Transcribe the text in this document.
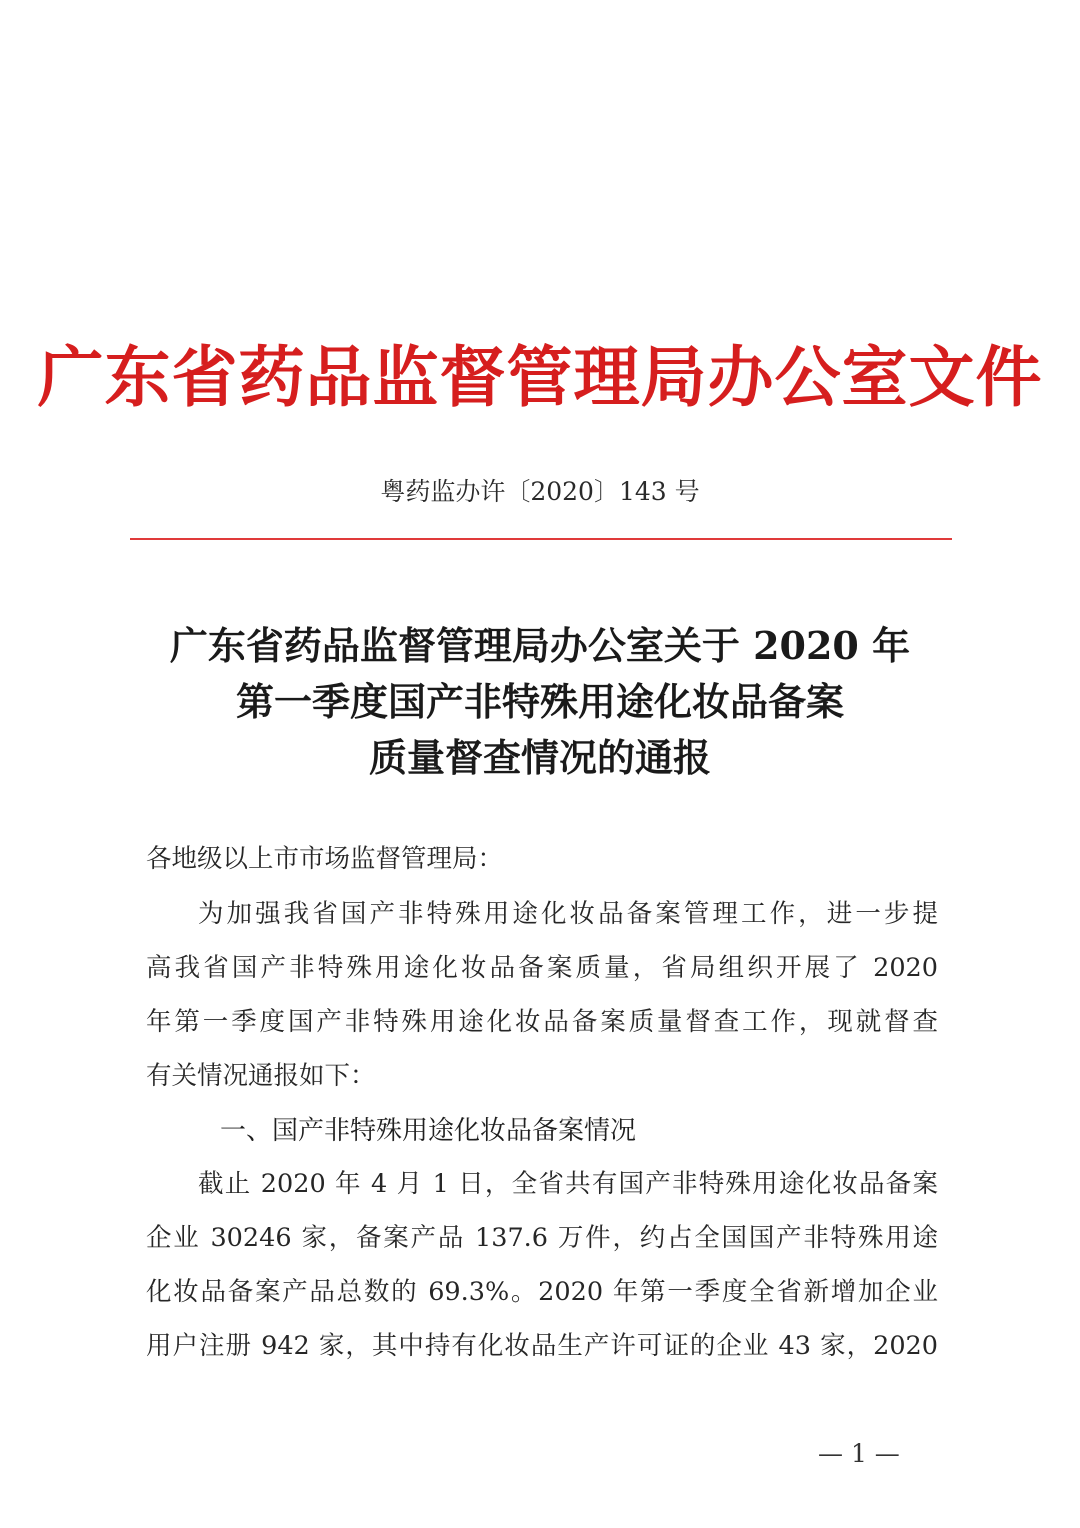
广东省药品监督管理局办公室文件
粤药监办许〔2020〕143 号
广东省药品监督管理局办公室关于 2020 年
第一季度国产非特殊用途化妆品备案
质量督查情况的通报
各地级以上市市场监督管理局：
为加强我省国产非特殊用途化妆品备案管理工作，进一步提
高我省国产非特殊用途化妆品备案质量，省局组织开展了 2020
年第一季度国产非特殊用途化妆品备案质量督查工作，现就督查
有关情况通报如下：
一、国产非特殊用途化妆品备案情况
截止 2020 年 4 月 1 日，全省共有国产非特殊用途化妆品备案
企业 30246 家，备案产品 137.6 万件，约占全国国产非特殊用途
化妆品备案产品总数的 69.3%。2020 年第一季度全省新增加企业
用户注册 942 家，其中持有化妆品生产许可证的企业 43 家，2020
— 1 —
